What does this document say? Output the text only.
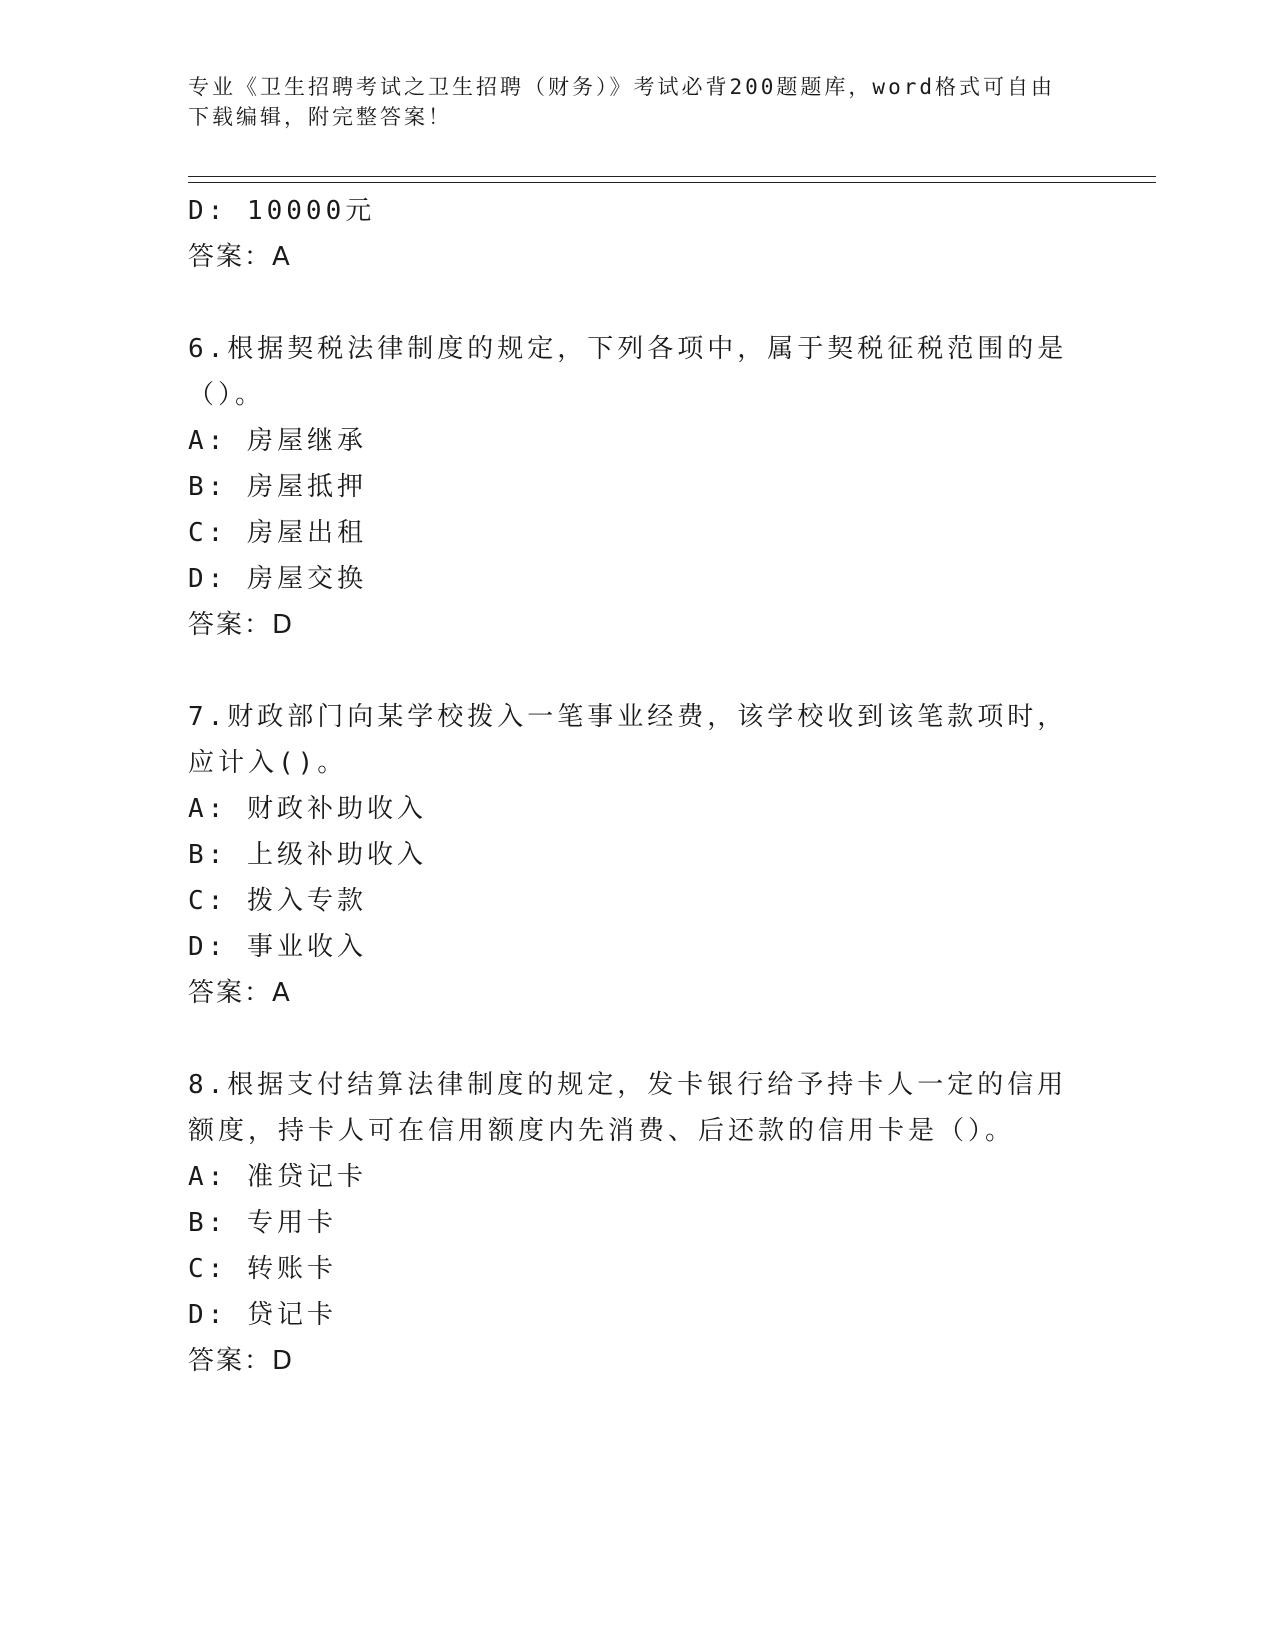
专业《卫生招聘考试之卫生招聘（财务）》考试必背200题题库，word格式可自由下载编辑，附完整答案！
D: 10000元
答案：A
6.根据契税法律制度的规定，下列各项中，属于契税征税范围的是（）。
A: 房屋继承
B: 房屋抵押
C: 房屋出租
D: 房屋交换
答案：D
7.财政部门向某学校拨入一笔事业经费，该学校收到该笔款项时，应计入()。
A: 财政补助收入
B: 上级补助收入
C: 拨入专款
D: 事业收入
答案：A
8.根据支付结算法律制度的规定，发卡银行给予持卡人一定的信用额度，持卡人可在信用额度内先消费、后还款的信用卡是（）。
A: 准贷记卡
B: 专用卡
C: 转账卡
D: 贷记卡
答案：D
